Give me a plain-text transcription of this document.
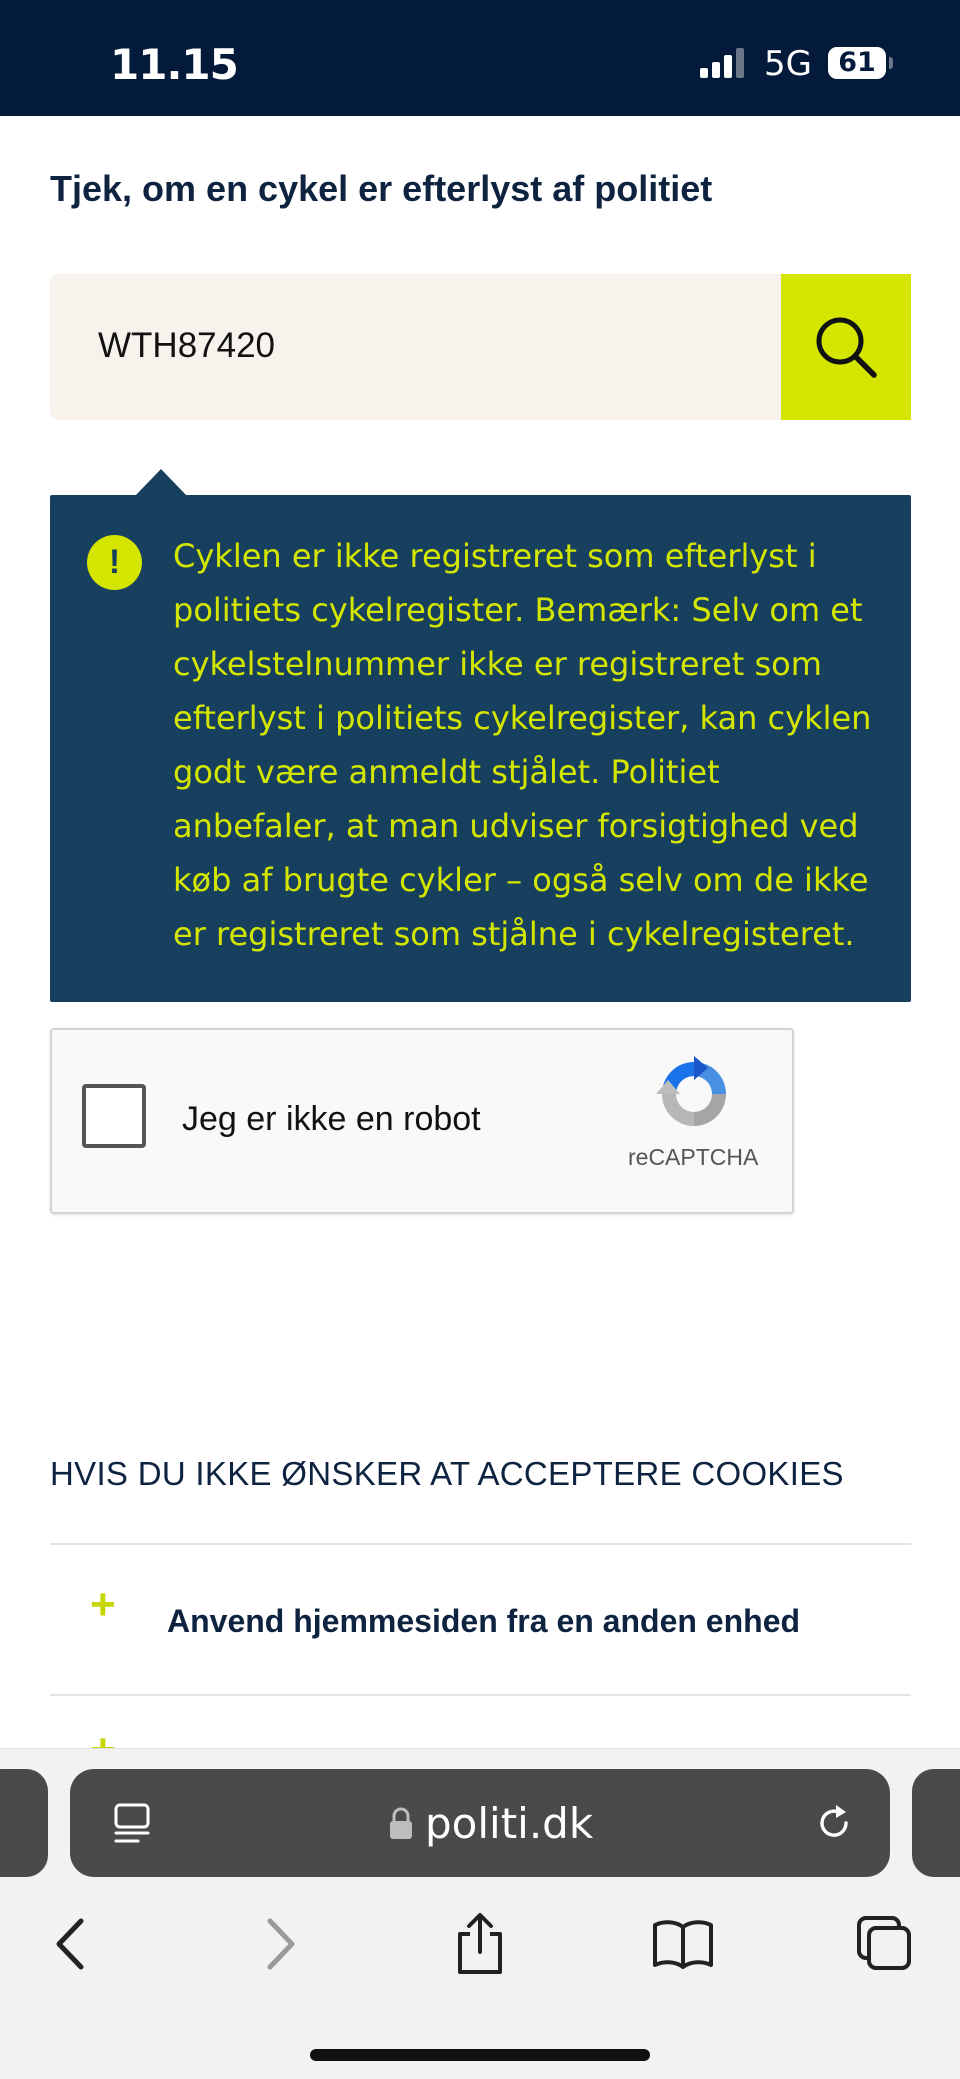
11.15	5G 61
Tjek, om en cykel er efterlyst af politiet
WTH87420
!	Cyklen er ikke registreret som efterlyst i politiets cykelregister. Bemærk: Selv om et cykelstelnummer ikke er registreret som efterlyst i politiets cykelregister, kan cyklen godt være anmeldt stjålet. Politiet anbefaler, at man udviser forsigtighed ved køb af brugte cykler – også selv om de ikke er registreret som stjålne i cykelregisteret.

Jeg er ikke en robot
reCAPTCHA
HVIS DU IKKE ØNSKER AT ACCEPTERE COOKIES
+ Anvend hjemmesiden fra en anden enhed
politi.dk
